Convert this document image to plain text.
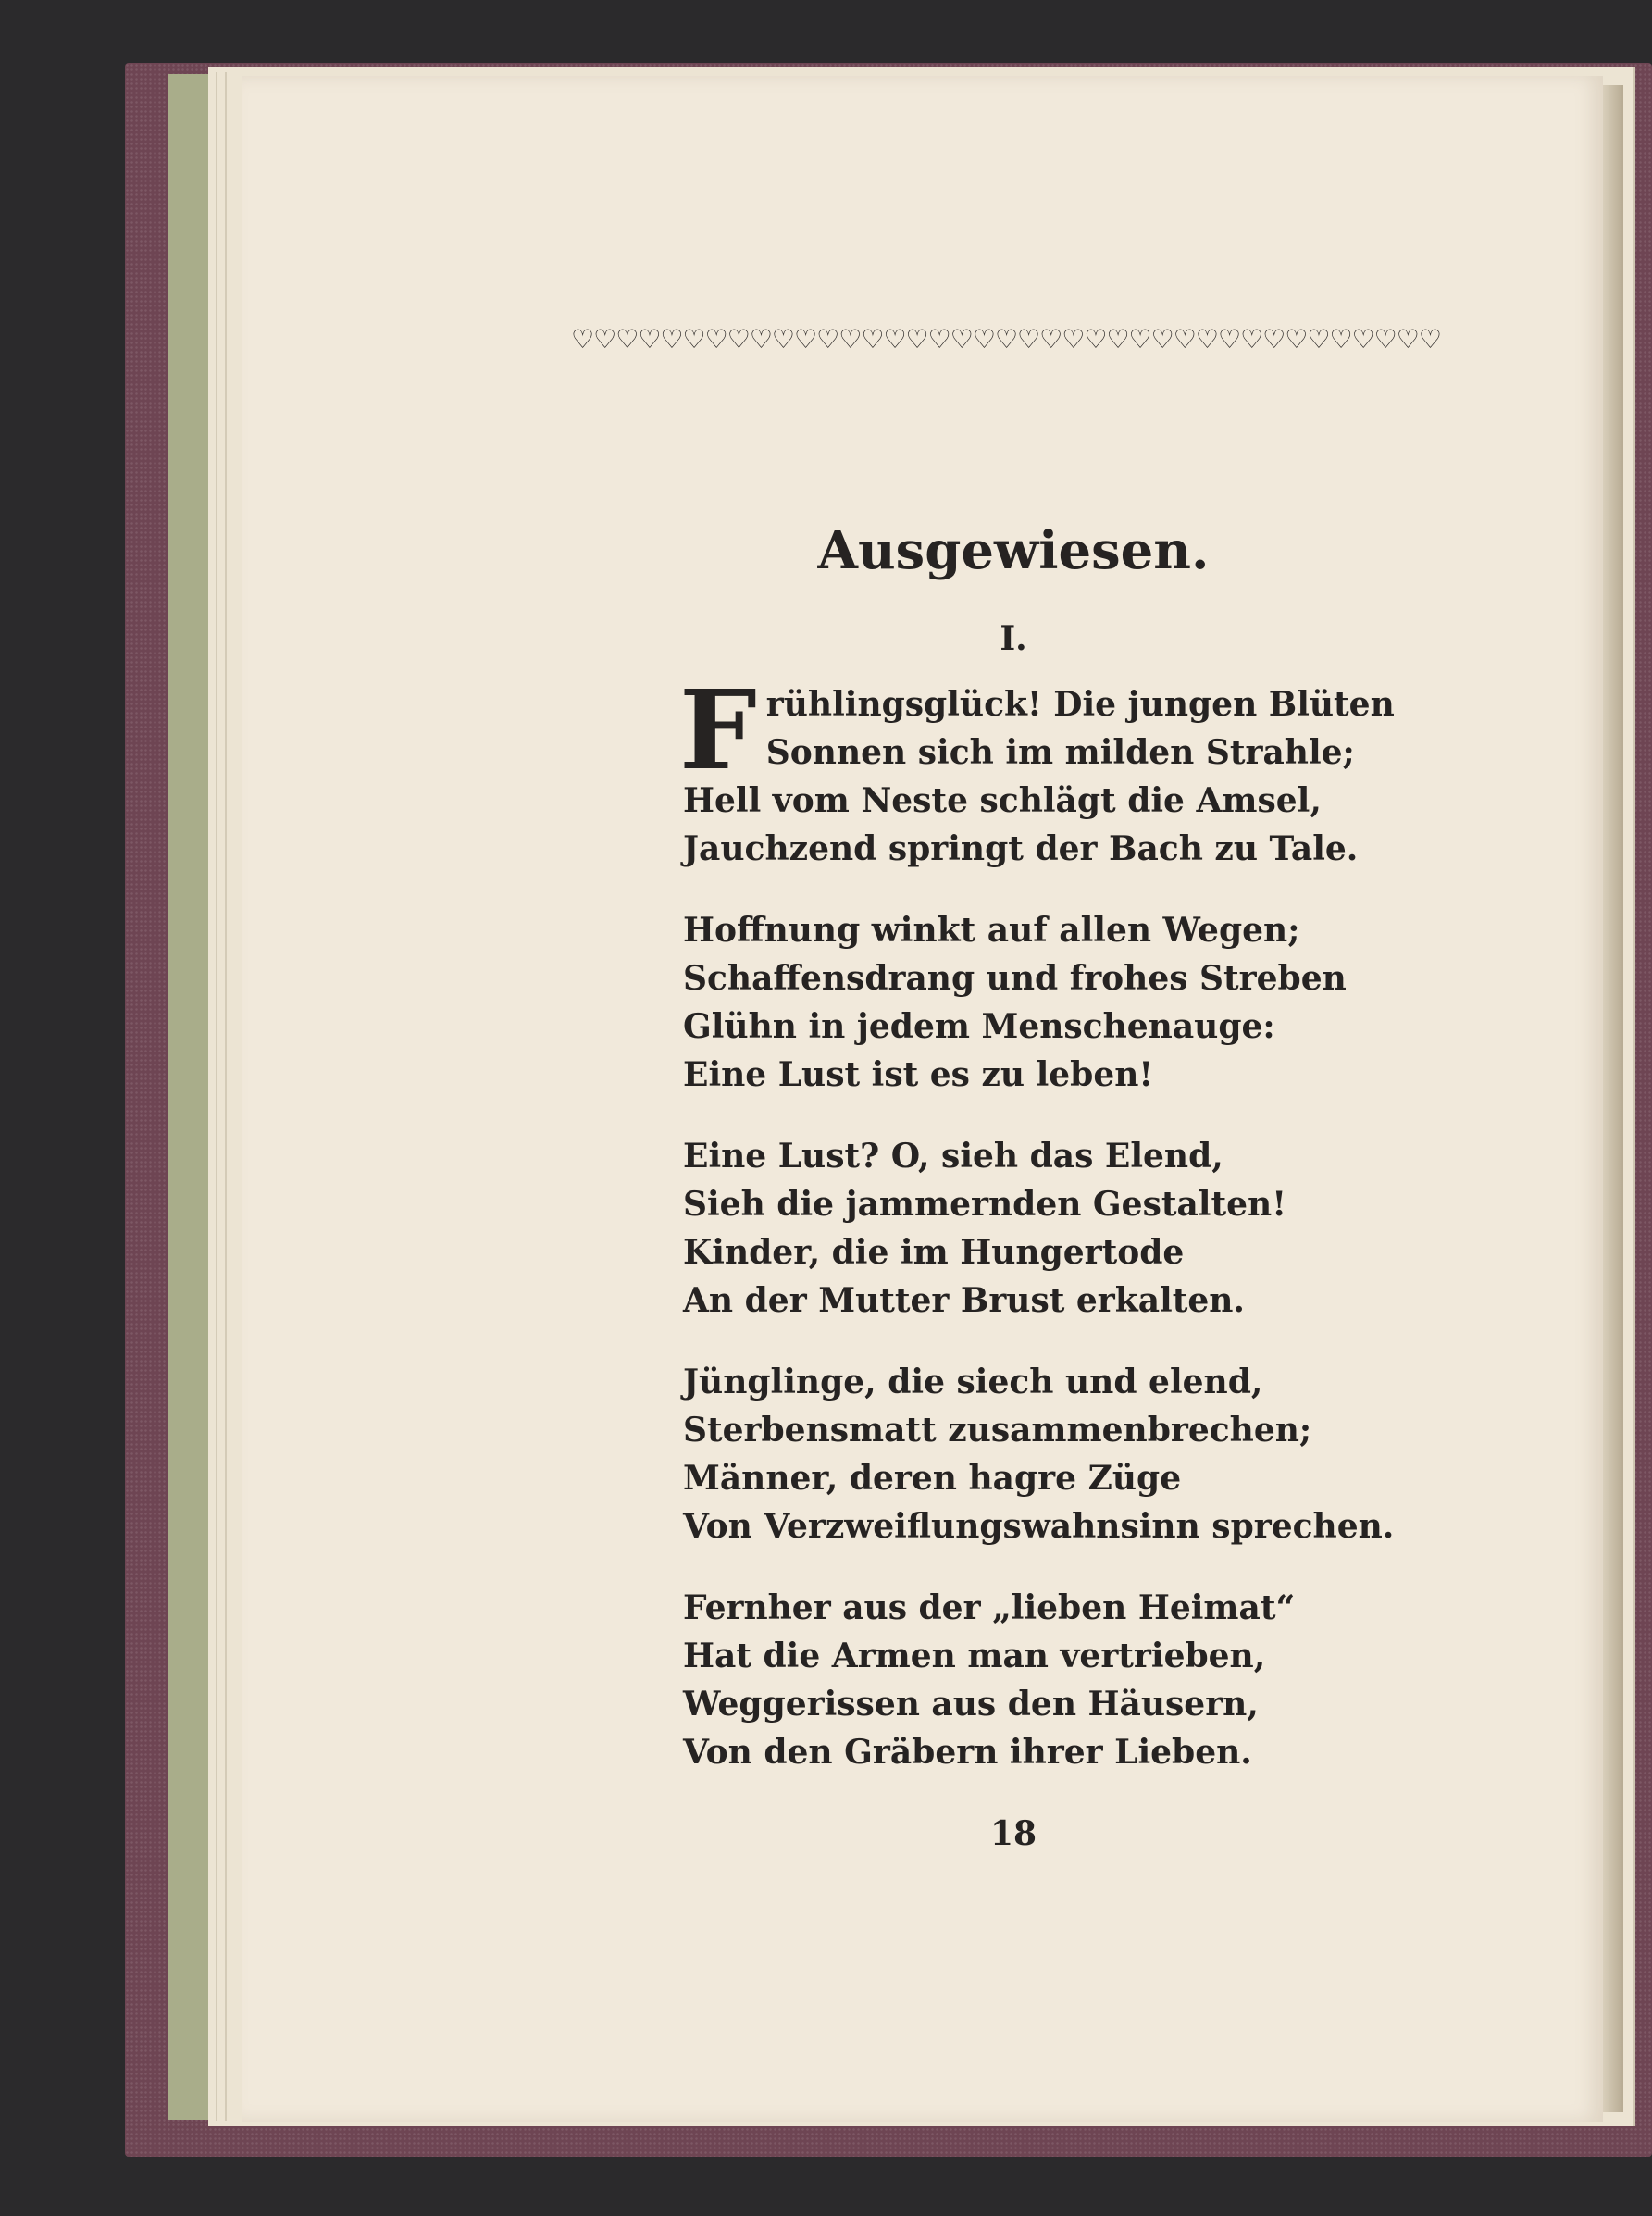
♡♡♡♡♡♡♡♡♡♡♡♡♡♡♡♡♡♡♡♡♡♡♡♡♡♡♡♡♡♡♡♡♡♡♡♡♡♡♡
Ausgewiesen.
I.
Frühlingsglück! Die jungen Blüten
Sonnen sich im milden Strahle;
Hell vom Neste schlägt die Amsel,
Jauchzend springt der Bach zu Tale.
Hoffnung winkt auf allen Wegen;
Schaffensdrang und frohes Streben
Glühn in jedem Menschenauge:
Eine Lust ist es zu leben!
Eine Lust? O, sieh das Elend,
Sieh die jammernden Gestalten!
Kinder, die im Hungertode
An der Mutter Brust erkalten.
Jünglinge, die siech und elend,
Sterbensmatt zusammenbrechen;
Männer, deren hagre Züge
Von Verzweiflungswahnsinn sprechen.
Fernher aus der „lieben Heimat“
Hat die Armen man vertrieben,
Weggerissen aus den Häusern,
Von den Gräbern ihrer Lieben.
18
